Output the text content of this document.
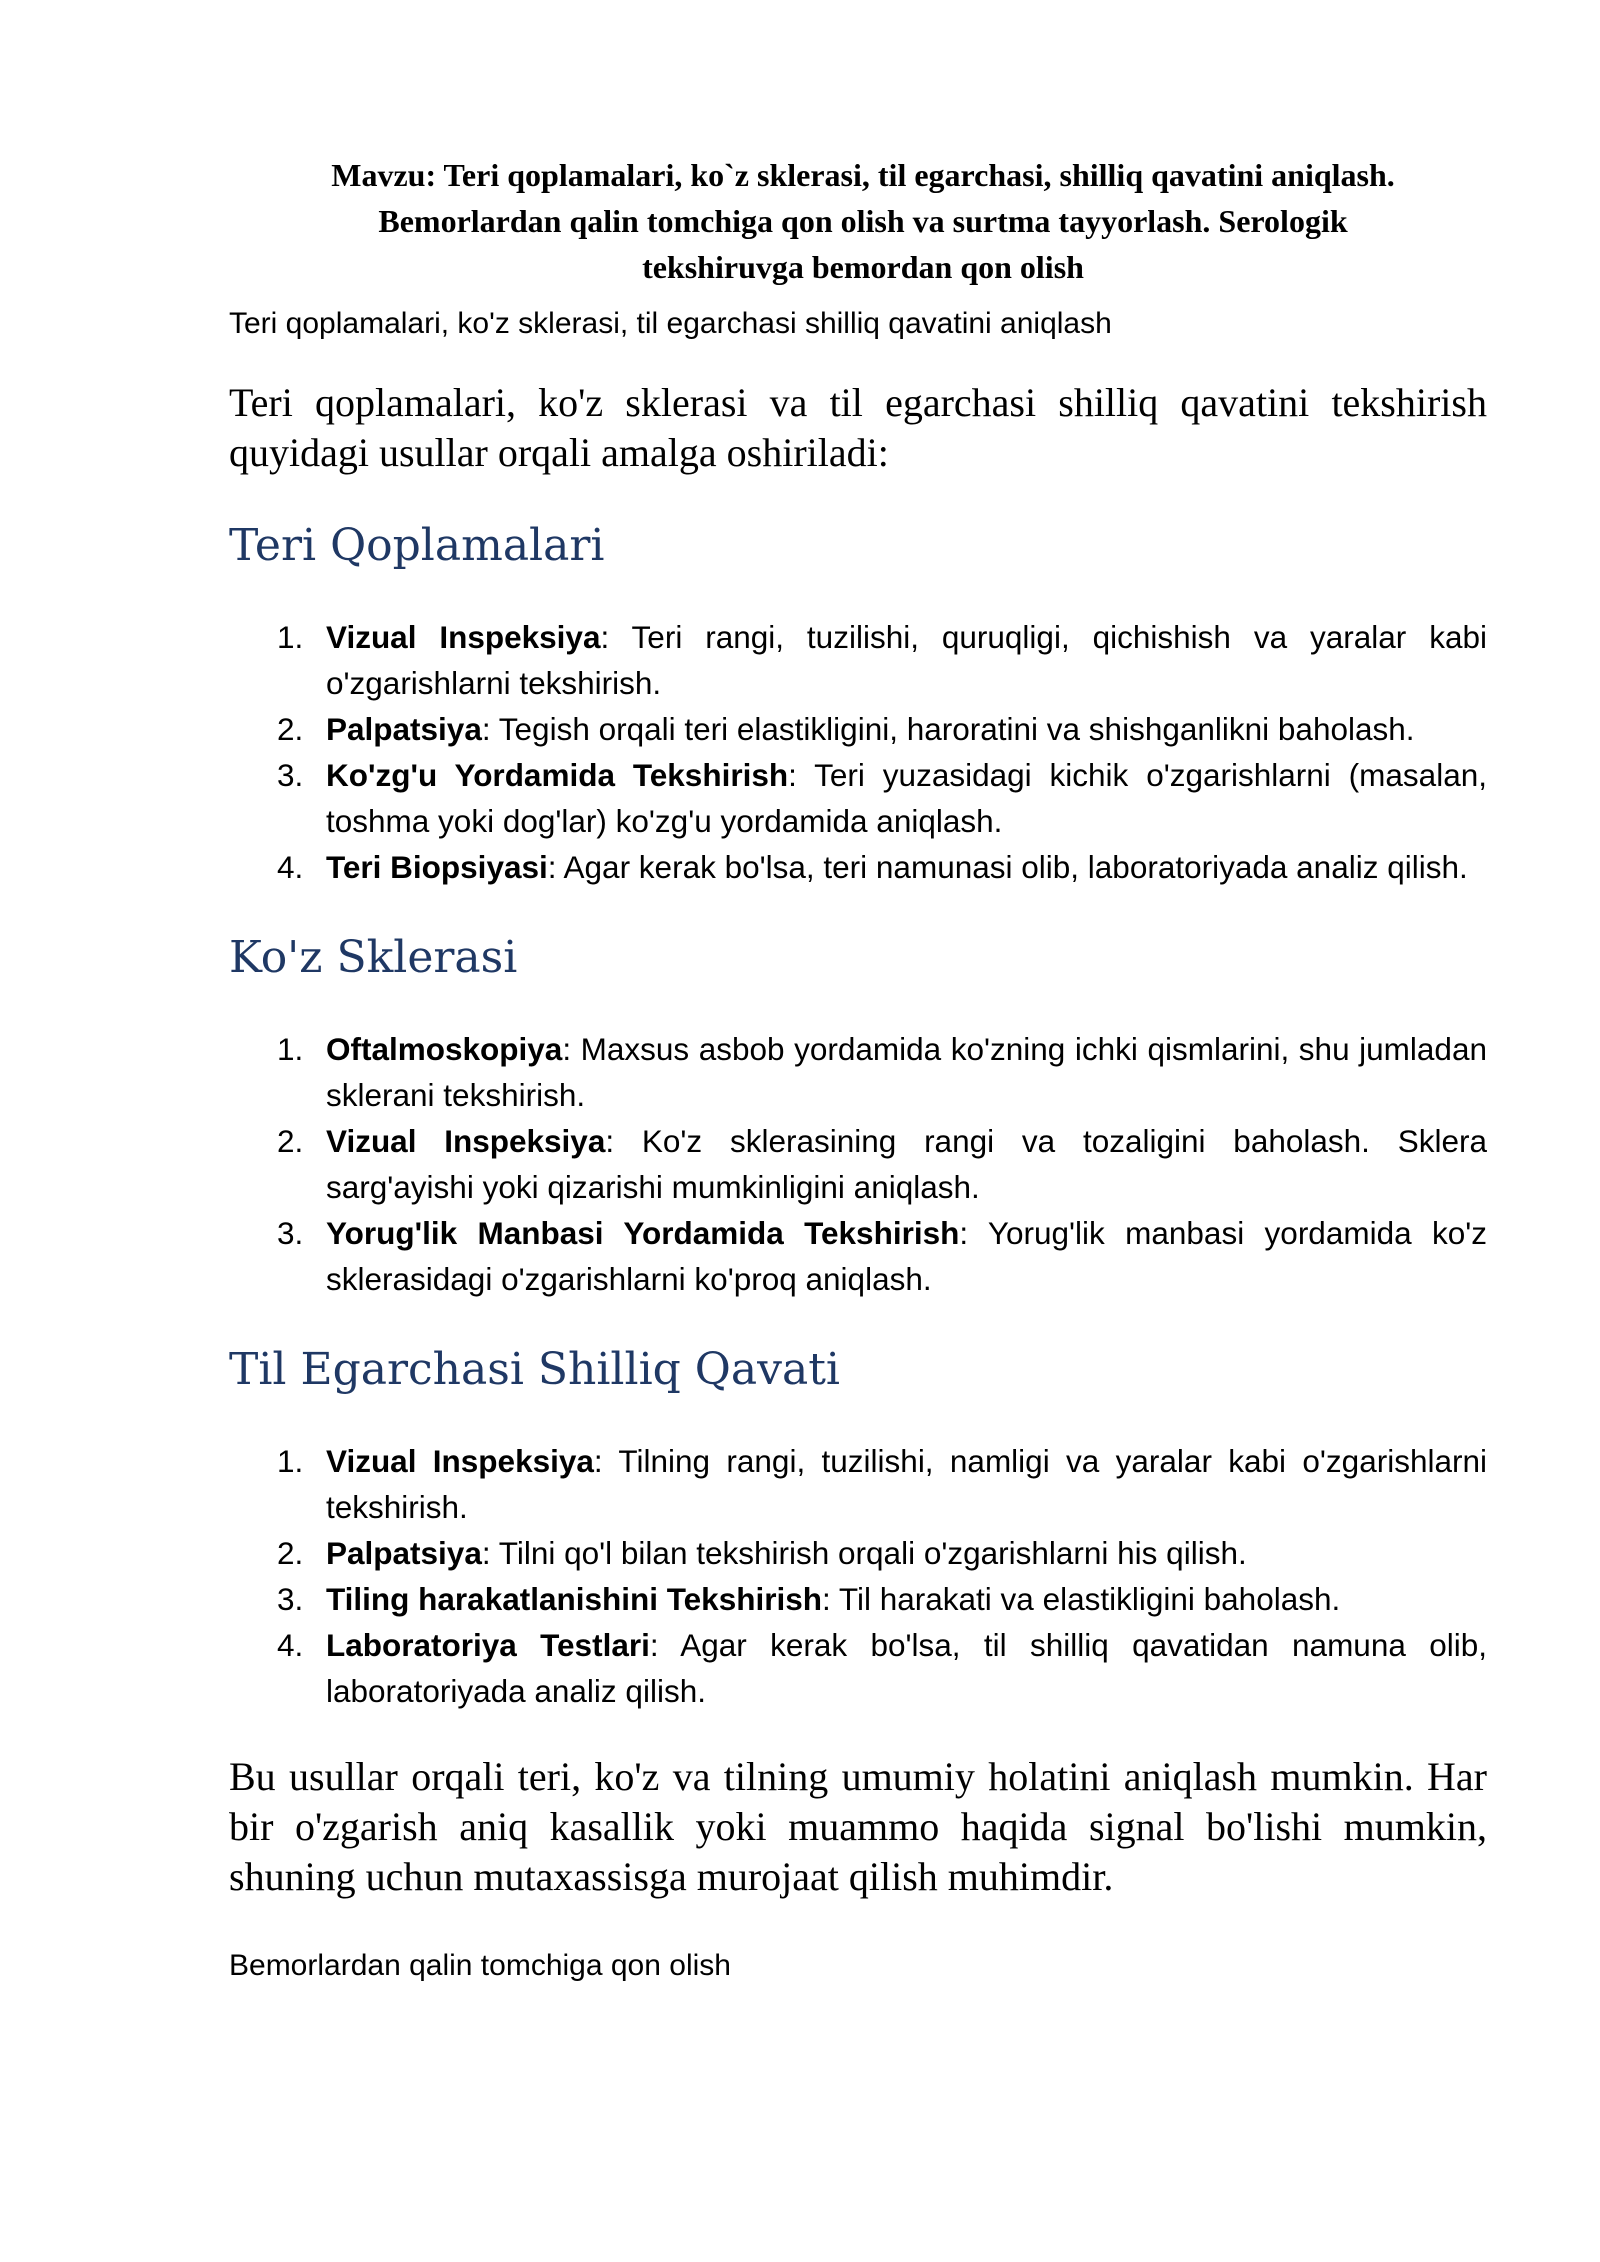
Mavzu: Teri qoplamalari, ko`z sklerasi, til egarchasi, shilliq qavatini aniqlash.
Bemorlardan qalin tomchiga qon olish va surtma tayyorlash. Serologik
tekshiruvga bemordan qon olish

Teri qoplamalari, ko'z sklerasi, til egarchasi shilliq qavatini aniqlash

Teri qoplamalari, ko'z sklerasi va til egarchasi shilliq qavatini tekshirish quyidagi usullar orqali amalga oshiriladi:

Teri Qoplamalari
1. Vizual Inspeksiya: Teri rangi, tuzilishi, quruqligi, qichishish va yaralar kabi o'zgarishlarni tekshirish.
2. Palpatsiya: Tegish orqali teri elastikligini, haroratini va shishganlikni baholash.
3. Ko'zg'u Yordamida Tekshirish: Teri yuzasidagi kichik o'zgarishlarni (masalan, toshma yoki dog'lar) ko'zg'u yordamida aniqlash.
4. Teri Biopsiyasi: Agar kerak bo'lsa, teri namunasi olib, laboratoriyada analiz qilish.
Ko'z Sklerasi
1. Oftalmoskopiya: Maxsus asbob yordamida ko'zning ichki qismlarini, shu jumladan sklerani tekshirish.
2. Vizual Inspeksiya: Ko'z sklerasining rangi va tozaligini baholash. Sklera sarg'ayishi yoki qizarishi mumkinligini aniqlash.
3. Yorug'lik Manbasi Yordamida Tekshirish: Yorug'lik manbasi yordamida ko'z sklerasidagi o'zgarishlarni ko'proq aniqlash.
Til Egarchasi Shilliq Qavati
1. Vizual Inspeksiya: Tilning rangi, tuzilishi, namligi va yaralar kabi o'zgarishlarni tekshirish.
2. Palpatsiya: Tilni qo'l bilan tekshirish orqali o'zgarishlarni his qilish.
3. Tiling harakatlanishini Tekshirish: Til harakati va elastikligini baholash.
4. Laboratoriya Testlari: Agar kerak bo'lsa, til shilliq qavatidan namuna olib, laboratoriyada analiz qilish.

Bu usullar orqali teri, ko'z va tilning umumiy holatini aniqlash mumkin. Har bir o'zgarish aniq kasallik yoki muammo haqida signal bo'lishi mumkin, shuning uchun mutaxassisga murojaat qilish muhimdir.

Bemorlardan qalin tomchiga qon olish
